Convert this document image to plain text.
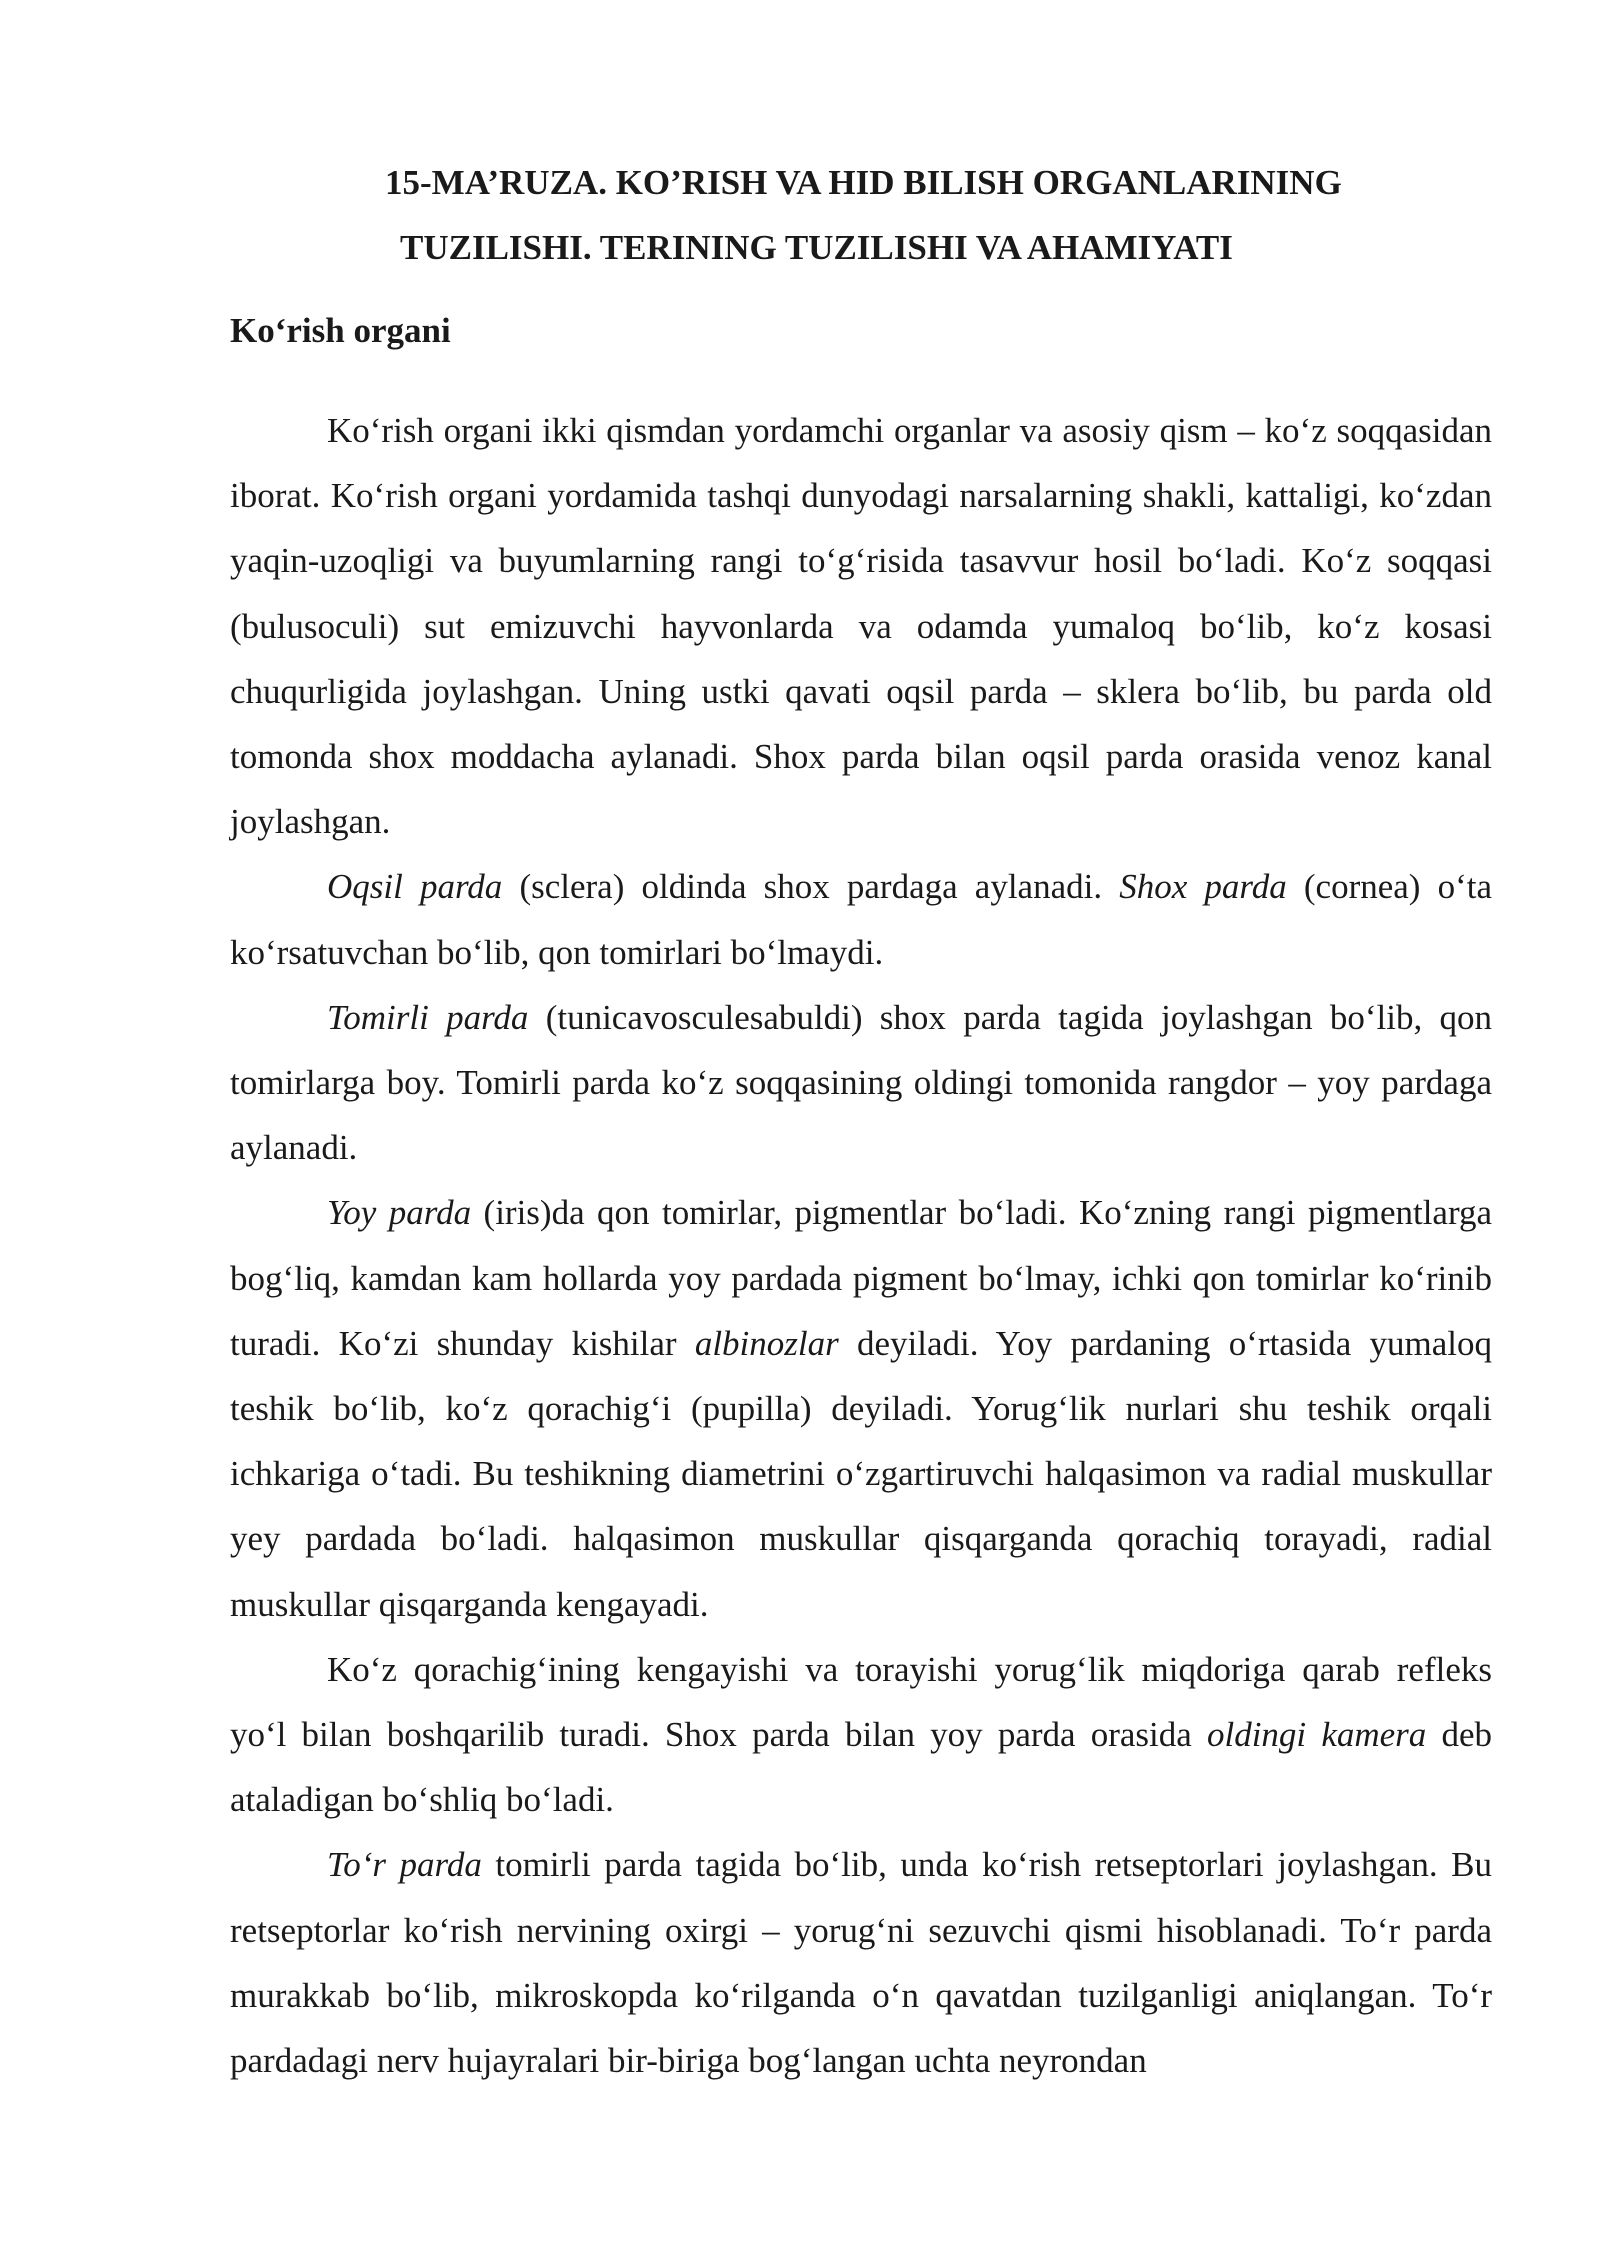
15-MA’RUZA. KO’RISH VA HID BILISH ORGANLARINING
TUZILISHI. TERINING TUZILISHI VA AHAMIYATI
Ko‘rish organi

Ko‘rish organi ikki qismdan yordamchi organlar va asosiy qism – ko‘z soqqasidan iborat. Ko‘rish organi yordamida tashqi dunyodagi narsalarning shakli, kattaligi, ko‘zdan yaqin-uzoqligi va buyumlarning rangi to‘g‘risida tasavvur hosil bo‘ladi. Ko‘z soqqasi (bulusoculi) sut emizuvchi hayvonlarda va odamda yumaloq bo‘lib, ko‘z kosasi chuqurligida joylashgan. Uning ustki qavati oqsil parda – sklera bo‘lib, bu parda old tomonda shox moddacha aylanadi. Shox parda bilan oqsil parda orasida venoz kanal joylashgan.

Oqsil parda (sclera) oldinda shox pardaga aylanadi. Shox parda (cornea) o‘ta ko‘rsatuvchan bo‘lib, qon tomirlari bo‘lmaydi.

Tomirli parda (tunicavosculesabuldi) shox parda tagida joylashgan bo‘lib, qon tomirlarga boy. Tomirli parda ko‘z soqqasining oldingi tomonida rangdor – yoy pardaga aylanadi.

Yoy parda (iris)da qon tomirlar, pigmentlar bo‘ladi. Ko‘zning rangi pigmentlarga bog‘liq, kamdan kam hollarda yoy pardada pigment bo‘lmay, ichki qon tomirlar ko‘rinib turadi. Ko‘zi shunday kishilar albinozlar deyiladi. Yoy pardaning o‘rtasida yumaloq teshik bo‘lib, ko‘z qorachig‘i (pupilla) deyiladi. Yorug‘lik nurlari shu teshik orqali ichkariga o‘tadi. Bu teshikning diametrini o‘zgartiruvchi halqasimon va radial muskullar yey pardada bo‘ladi. halqasimon muskullar qisqarganda qorachiq torayadi, radial muskullar qisqarganda kengayadi.

Ko‘z qorachig‘ining kengayishi va torayishi yorug‘lik miqdoriga qarab refleks yo‘l bilan boshqarilib turadi. Shox parda bilan yoy parda orasida oldingi kamera deb ataladigan bo‘shliq bo‘ladi.

To‘r parda tomirli parda tagida bo‘lib, unda ko‘rish retseptorlari joylashgan. Bu retseptorlar ko‘rish nervining oxirgi – yorug‘ni sezuvchi qismi hisoblanadi. To‘r parda murakkab bo‘lib, mikroskopda ko‘rilganda o‘n qavatdan tuzilganligi aniqlangan. To‘r pardadagi nerv hujayralari bir-biriga bog‘langan uchta neyrondan
